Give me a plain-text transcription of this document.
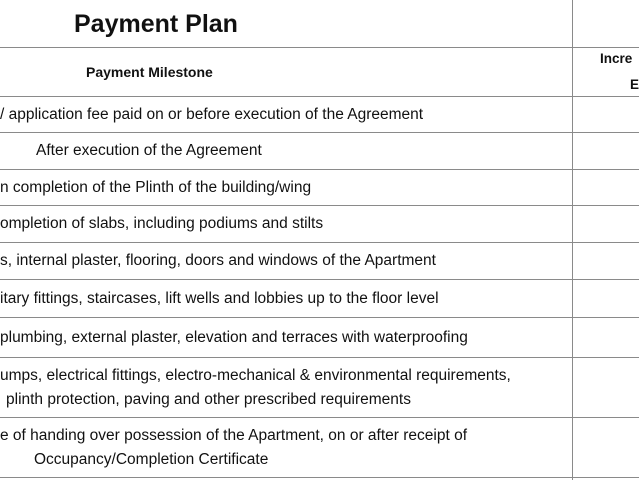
Payment Plan
Payment Milestone
Incre
E
/ application fee paid on or before execution of the Agreement
After execution of the Agreement
n completion of the Plinth of the building/wing
ompletion of slabs, including podiums and stilts
s, internal plaster, flooring, doors and windows of the Apartment
itary fittings, staircases, lift wells and lobbies up to the floor level
plumbing, external plaster, elevation and terraces with waterproofing
umps, electrical fittings, electro-mechanical & environmental requirements,
plinth protection, paving and other prescribed requirements
e of handing over possession of the Apartment, on or after receipt of
Occupancy/Completion Certificate
